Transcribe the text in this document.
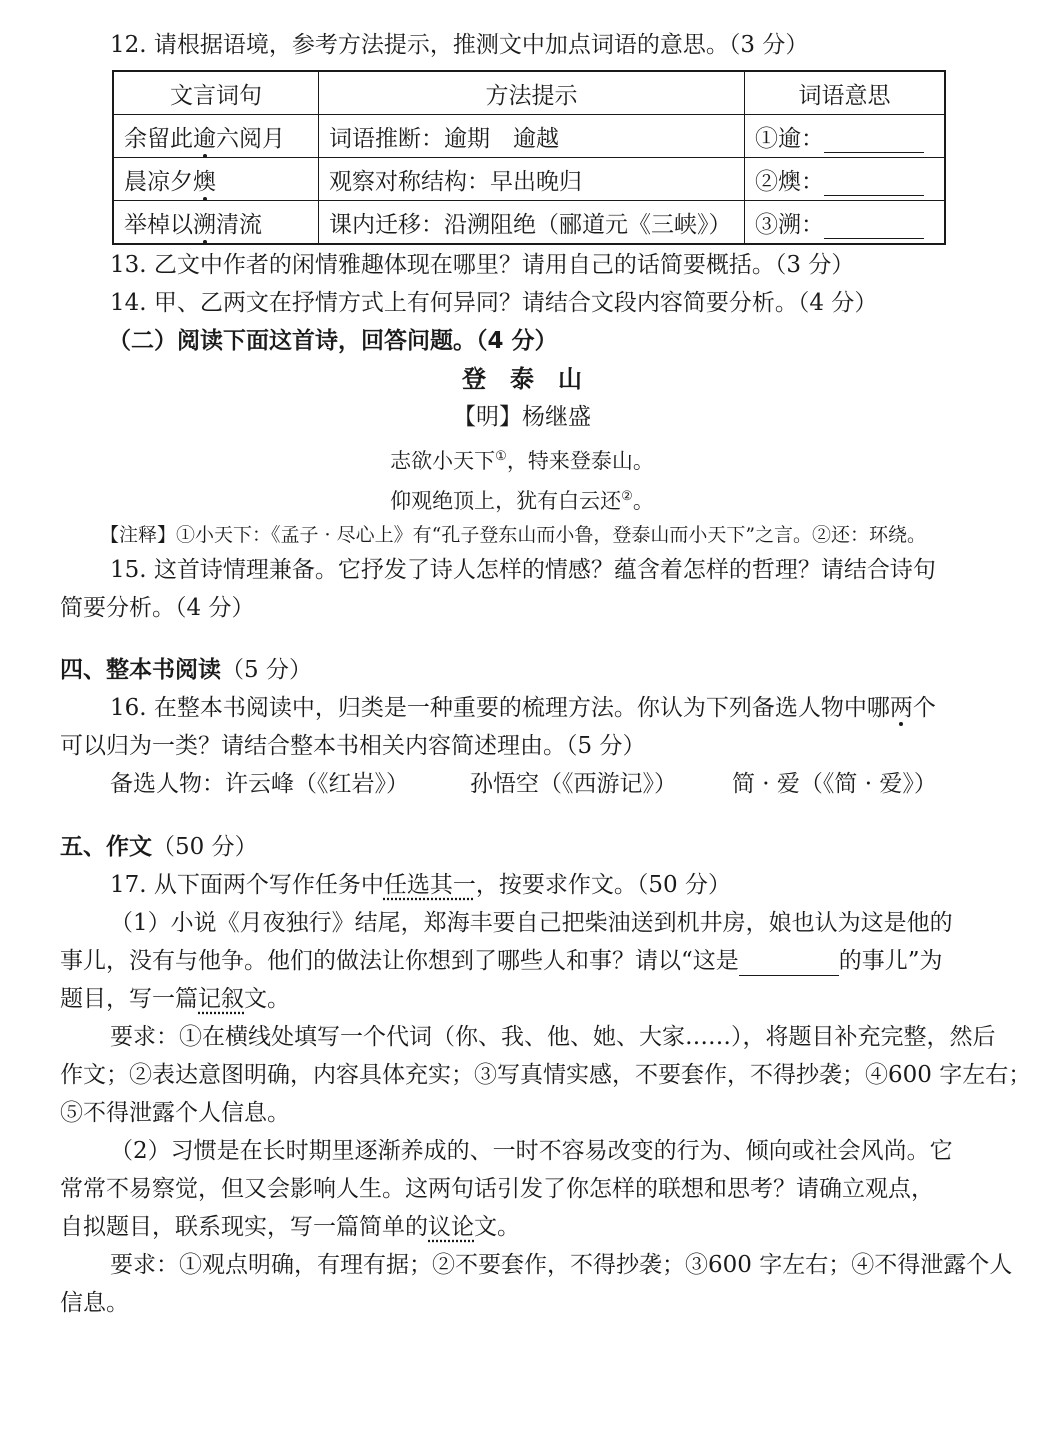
12. 请根据语境，参考方法提示，推测文中加点词语的意思。（3 分）
文言词句	方法提示	词语意思
余留此逾六阅月	词语推断：逾期　逾越	①逾：
晨凉夕燠	观察对称结构：早出晚归	②燠：
举棹以溯清流	课内迁移：沿溯阻绝（郦道元《三峡》）	③溯：
13. 乙文中作者的闲情雅趣体现在哪里？请用自己的话简要概括。（3 分）
14. 甲、乙两文在抒情方式上有何异同？请结合文段内容简要分析。（4 分）
（二）阅读下面这首诗，回答问题。（4 分）
登　泰　山
【明】杨继盛
志欲小天下①，特来登泰山。
仰观绝顶上，犹有白云还②。
【注释】①小天下：《孟子 · 尽心上》有“孔子登东山而小鲁，登泰山而小天下”之言。②还：环绕。
15. 这首诗情理兼备。它抒发了诗人怎样的情感？蕴含着怎样的哲理？请结合诗句
简要分析。（4 分）
四、整本书阅读（5 分）
16. 在整本书阅读中，归类是一种重要的梳理方法。你认为下列备选人物中哪两个
可以归为一类？请结合整本书相关内容简述理由。（5 分）
备选人物：许云峰（《红岩》）	孙悟空（《西游记》） 简 · 爱（《简 · 爱》）
五、作文（50 分）
17. 从下面两个写作任务中任选其一，按要求作文。（50 分）
（1）小说《月夜独行》结尾，郑海丰要自己把柴油送到机井房，娘也认为这是他的
事儿，没有与他争。他们的做法让你想到了哪些人和事？请以“这是	的事儿”为
题目，写一篇记叙文。
要求：①在横线处填写一个代词（你、我、他、她、大家……），将题目补充完整，然后
作文；②表达意图明确，内容具体充实；③写真情实感，不要套作，不得抄袭；④600 字左右；
⑤不得泄露个人信息。
（2）习惯是在长时期里逐渐养成的、一时不容易改变的行为、倾向或社会风尚。它
常常不易察觉，但又会影响人生。这两句话引发了你怎样的联想和思考？请确立观点，
自拟题目，联系现实，写一篇简单的议论文。
要求：①观点明确，有理有据；②不要套作，不得抄袭；③600 字左右；④不得泄露个人
信息。
